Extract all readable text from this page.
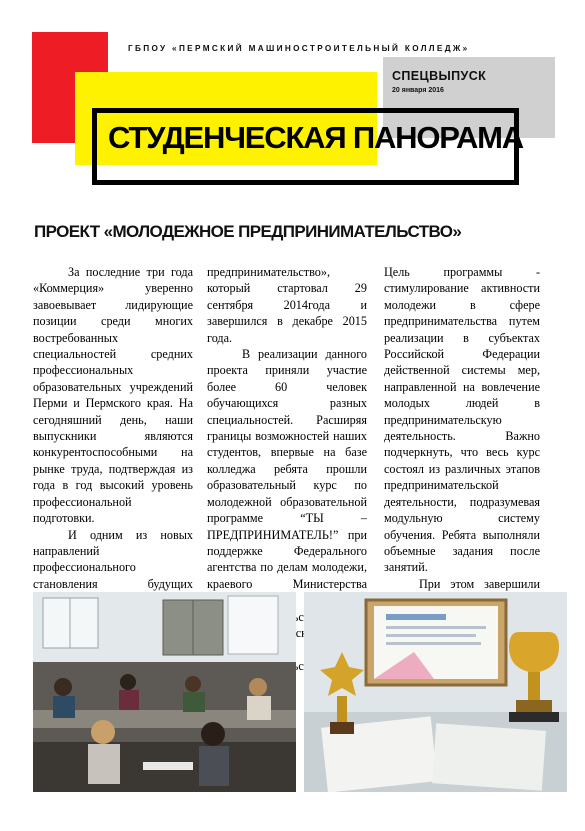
ГБПОУ «ПЕРМСКИЙ МАШИНОСТРОИТЕЛЬНЫЙ КОЛЛЕДЖ»
СПЕЦВЫПУСК
20 января 2016
СТУДЕНЧЕСКАЯ ПАНОРАМА
ПРОЕКТ «МОЛОДЕЖНОЕ ПРЕДПРИНИМАТЕЛЬСТВО»

За последние три года «Коммерция» уверенно завоевывает лидирующие позиции среди многих востребованных специальностей средних профессиональных образовательных учреждений Перми и Пермского края. На сегодняшний день, наши выпускники являются конкурентоспособными на рынке труда, подтверждая из года в год высокий уровень профессиональной подготовки.

И одним из новых направлений профессионального становления будущих

предпринимательство», который стартовал 29 сентября 2014года и завершился в декабре 2015 года.

В реализации данного проекта приняли участие более 60 человек обучающихся разных специальностей. Расширяя границы возможностей наших студентов, впервые на базе колледжа ребята прошли образовательный курс по молодежной образовательной программе “ТЫ – ПРЕДПРИНИМАТЕЛЬ!” при поддержке Федерального агентства по делам молодежи, краевого Министерства

Цель программы - стимулирование активности молодежи в сфере предпринимательства путем реализации в субъектах Российской Федерации действенной системы мер, направленной на вовлечение молодых людей в предпринимательскую деятельность. Важно подчеркнуть, что весь курс состоял из различных этапов предпринимательской деятельности, подразумевая модульную систему обучения. Ребята выполняли объемные задания после занятий.

При этом завершили
